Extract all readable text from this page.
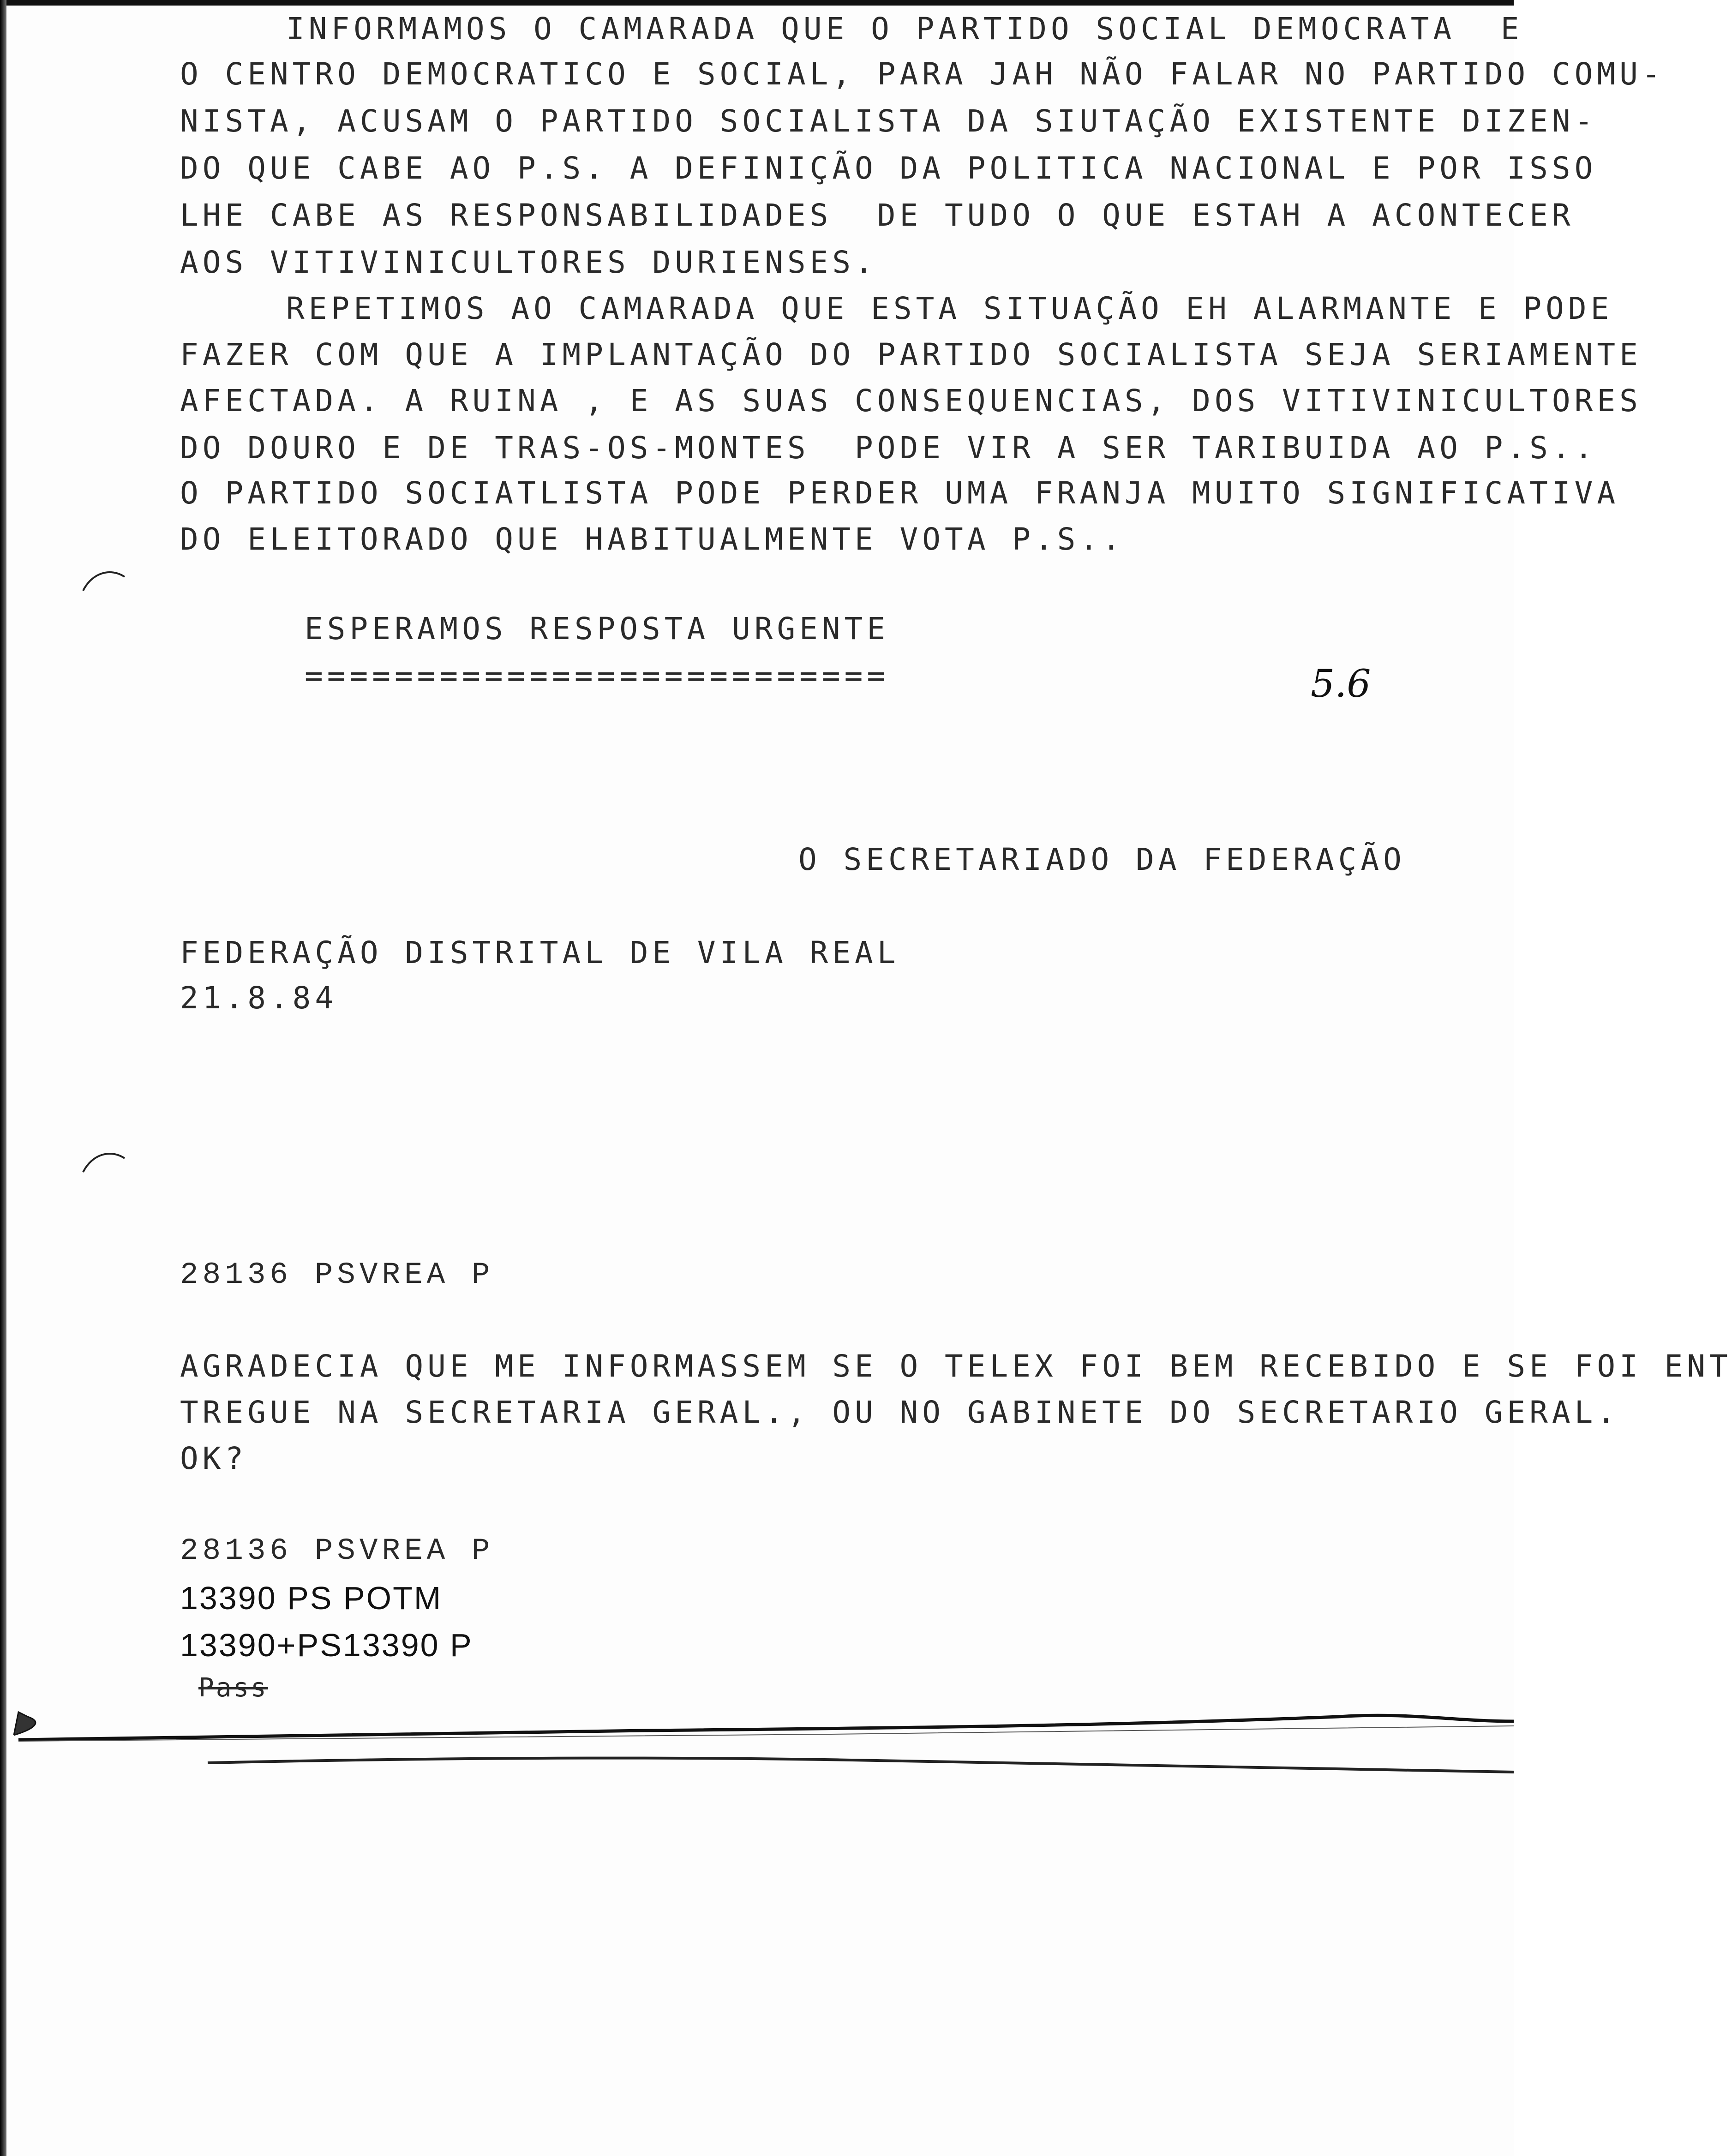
INFORMAMOS O CAMARADA QUE O PARTIDO SOCIAL DEMOCRATA  E
O CENTRO DEMOCRATICO E SOCIAL, PARA JAH NÃO FALAR NO PARTIDO COMU-
NISTA, ACUSAM O PARTIDO SOCIALISTA DA SIUTAÇÃO EXISTENTE DIZEN-
DO QUE CABE AO P.S. A DEFINIÇÃO DA POLITICA NACIONAL E POR ISSO
LHE CABE AS RESPONSABILIDADES  DE TUDO O QUE ESTAH A ACONTECER
AOS VITIVINICULTORES DURIENSES.
REPETIMOS AO CAMARADA QUE ESTA SITUAÇÃO EH ALARMANTE E PODE
FAZER COM QUE A IMPLANTAÇÃO DO PARTIDO SOCIALISTA SEJA SERIAMENTE
AFECTADA. A RUINA , E AS SUAS CONSEQUENCIAS, DOS VITIVINICULTORES
DO DOURO E DE TRAS-OS-MONTES  PODE VIR A SER TARIBUIDA AO P.S..
O PARTIDO SOCIATLISTA PODE PERDER UMA FRANJA MUITO SIGNIFICATIVA
DO ELEITORADO QUE HABITUALMENTE VOTA P.S..
ESPERAMOS RESPOSTA URGENTE
==========================	5.6
O SECRETARIADO DA FEDERAÇÃO
FEDERAÇÃO DISTRITAL DE VILA REAL
21.8.84
28136 PSVREA P
AGRADECIA QUE ME INFORMASSEM SE O TELEX FOI BEM RECEBIDO E SE FOI ENT
TREGUE NA SECRETARIA GERAL., OU NO GABINETE DO SECRETARIO GERAL.
OK?
28136 PSVREA P
13390 PS POTM
13390+PS13390 P
Pass
